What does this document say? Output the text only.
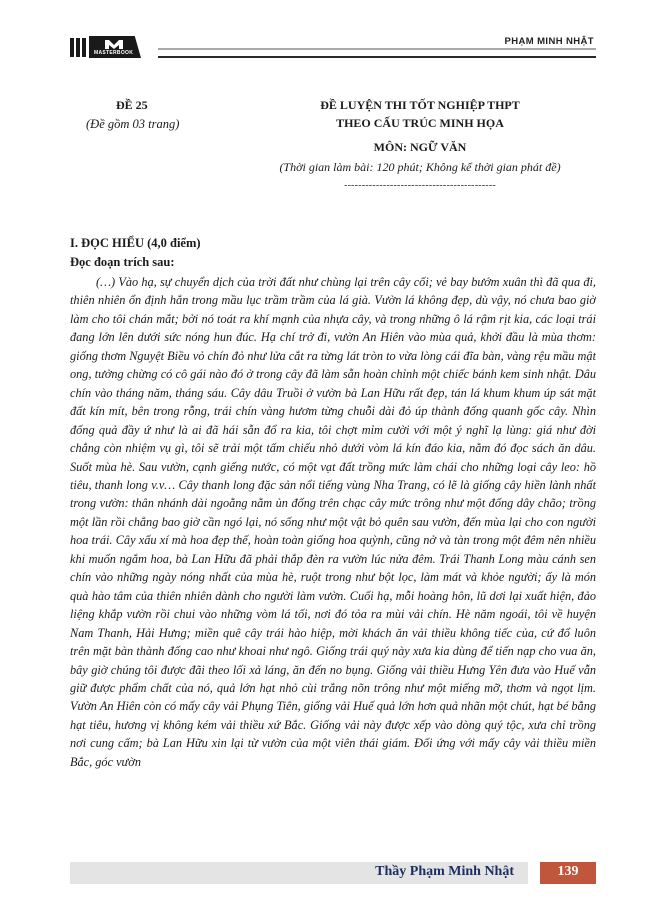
MASTERBOOK
PHẠM MINH NHẬT
ĐỀ 25
(Đề gồm 03 trang)
ĐỀ LUYỆN THI TỐT NGHIỆP THPT
THEO CẤU TRÚC MINH HỌA
MÔN: NGỮ VĂN
(Thời gian làm bài: 120 phút; Không kể thời gian phát đề)
-------------------------------------------
I. ĐỌC HIỂU (4,0 điểm)
Đọc đoạn trích sau:

(…) Vào hạ, sự chuyển dịch của trời đất như chùng lại trên cây cối; vẻ bay bướm xuân thì đã qua đi, thiên nhiên ổn định hẳn trong mầu lục trầm trầm của lá già. Vườn lá không đẹp, dù vậy, nó chưa bao giờ làm cho tôi chán mắt; bởi nó toát ra khí mạnh của nhựa cây, và trong những ô lá rậm rịt kia, các loại trái đang lớn lên dưới sức nóng hun đúc. Hạ chí trở đi, vườn An Hiên vào mùa quả, khởi đầu là mùa thơm: giống thơm Nguyệt Biều vỏ chín đỏ như lửa cắt ra từng lát tròn to vừa lòng cái đĩa bàn, vàng rệu mầu mật ong, tưởng chừng có cô gái nào đó ở trong cây đã làm sẵn hoàn chỉnh một chiếc bánh kem sinh nhật. Dâu chín vào tháng năm, tháng sáu. Cây dâu Truồi ở vườn bà Lan Hữu rất đẹp, tán lá khum khum úp sát mặt đất kín mít, bên trong rỗng, trái chín vàng hươm từng chuỗi dài đỏ úp thành đống quanh gốc cây. Nhìn đống quả đầy ứ như là ai đã hái sẵn đổ ra kia, tôi chợt mỉm cười với một ý nghĩ lạ lùng: giá như đời chẳng còn nhiệm vụ gì, tôi sẽ trải một tấm chiếu nhỏ dưới vòm lá kín đáo kia, nằm đó đọc sách ăn dâu. Suốt mùa hè. Sau vườn, cạnh giếng nước, có một vạt đất trồng mức làm chái cho những loại cây leo: hồ tiêu, thanh long v.v… Cây thanh long đặc sản nổi tiếng vùng Nha Trang, có lẽ là giống cây hiền lành nhất trong vườn: thân nhánh dài ngoằng nằm ủn đống trên chạc cây mức trông như một đống dây chão; trồng một lần rồi chẳng bao giờ cần ngó lại, nó sống như một vật bỏ quên sau vườn, đến mùa lại cho con người hoa trái. Cây xấu xí mà hoa đẹp thế, hoàn toàn giống hoa quỳnh, cũng nở và tàn trong một đêm nên nhiều khi muốn ngắm hoa, bà Lan Hữu đã phải thắp đèn ra vườn lúc nửa đêm. Trái Thanh Long màu cánh sen chín vào những ngày nóng nhất của mùa hè, ruột trong như bột lọc, làm mát và khỏe người; ấy là món quà hào tâm của thiên nhiên dành cho người làm vườn. Cuối hạ, mỗi hoàng hôn, lũ dơi lại xuất hiện, đảo liệng khắp vườn rồi chui vào những vòm lá tối, nơi đó tỏa ra mùi vải chín. Hè năm ngoái, tôi về huyện Nam Thanh, Hải Hưng; miền quê cây trái hào hiệp, mời khách ăn vải thiều không tiếc của, cứ đổ luôn trên mặt bàn thành đống cao như khoai như ngô. Giống trái quý này xưa kia dùng để tiến nạp cho vua ăn, bây giờ chúng tôi được đãi theo lối xả láng, ăn đến no bụng. Giống vải thiều Hưng Yên đưa vào Huế vẫn giữ được phẩm chất của nó, quả lớn hạt nhỏ cùi trắng nõn trông như một miếng mỡ, thơm và ngọt lịm. Vườn An Hiên còn có mấy cây vải Phụng Tiên, giống vải Huế quả lớn hơn quả nhãn một chút, hạt bé bằng hạt tiêu, hương vị không kém vải thiều xứ Bắc. Giống vải này được xếp vào dòng quý tộc, xưa chỉ trồng nơi cung cấm; bà Lan Hữu xin lại từ vườn của một viên thái giám. Đối ứng với mấy cây vải thiều miền Bắc, góc vườn

Thầy Phạm Minh Nhật	139
